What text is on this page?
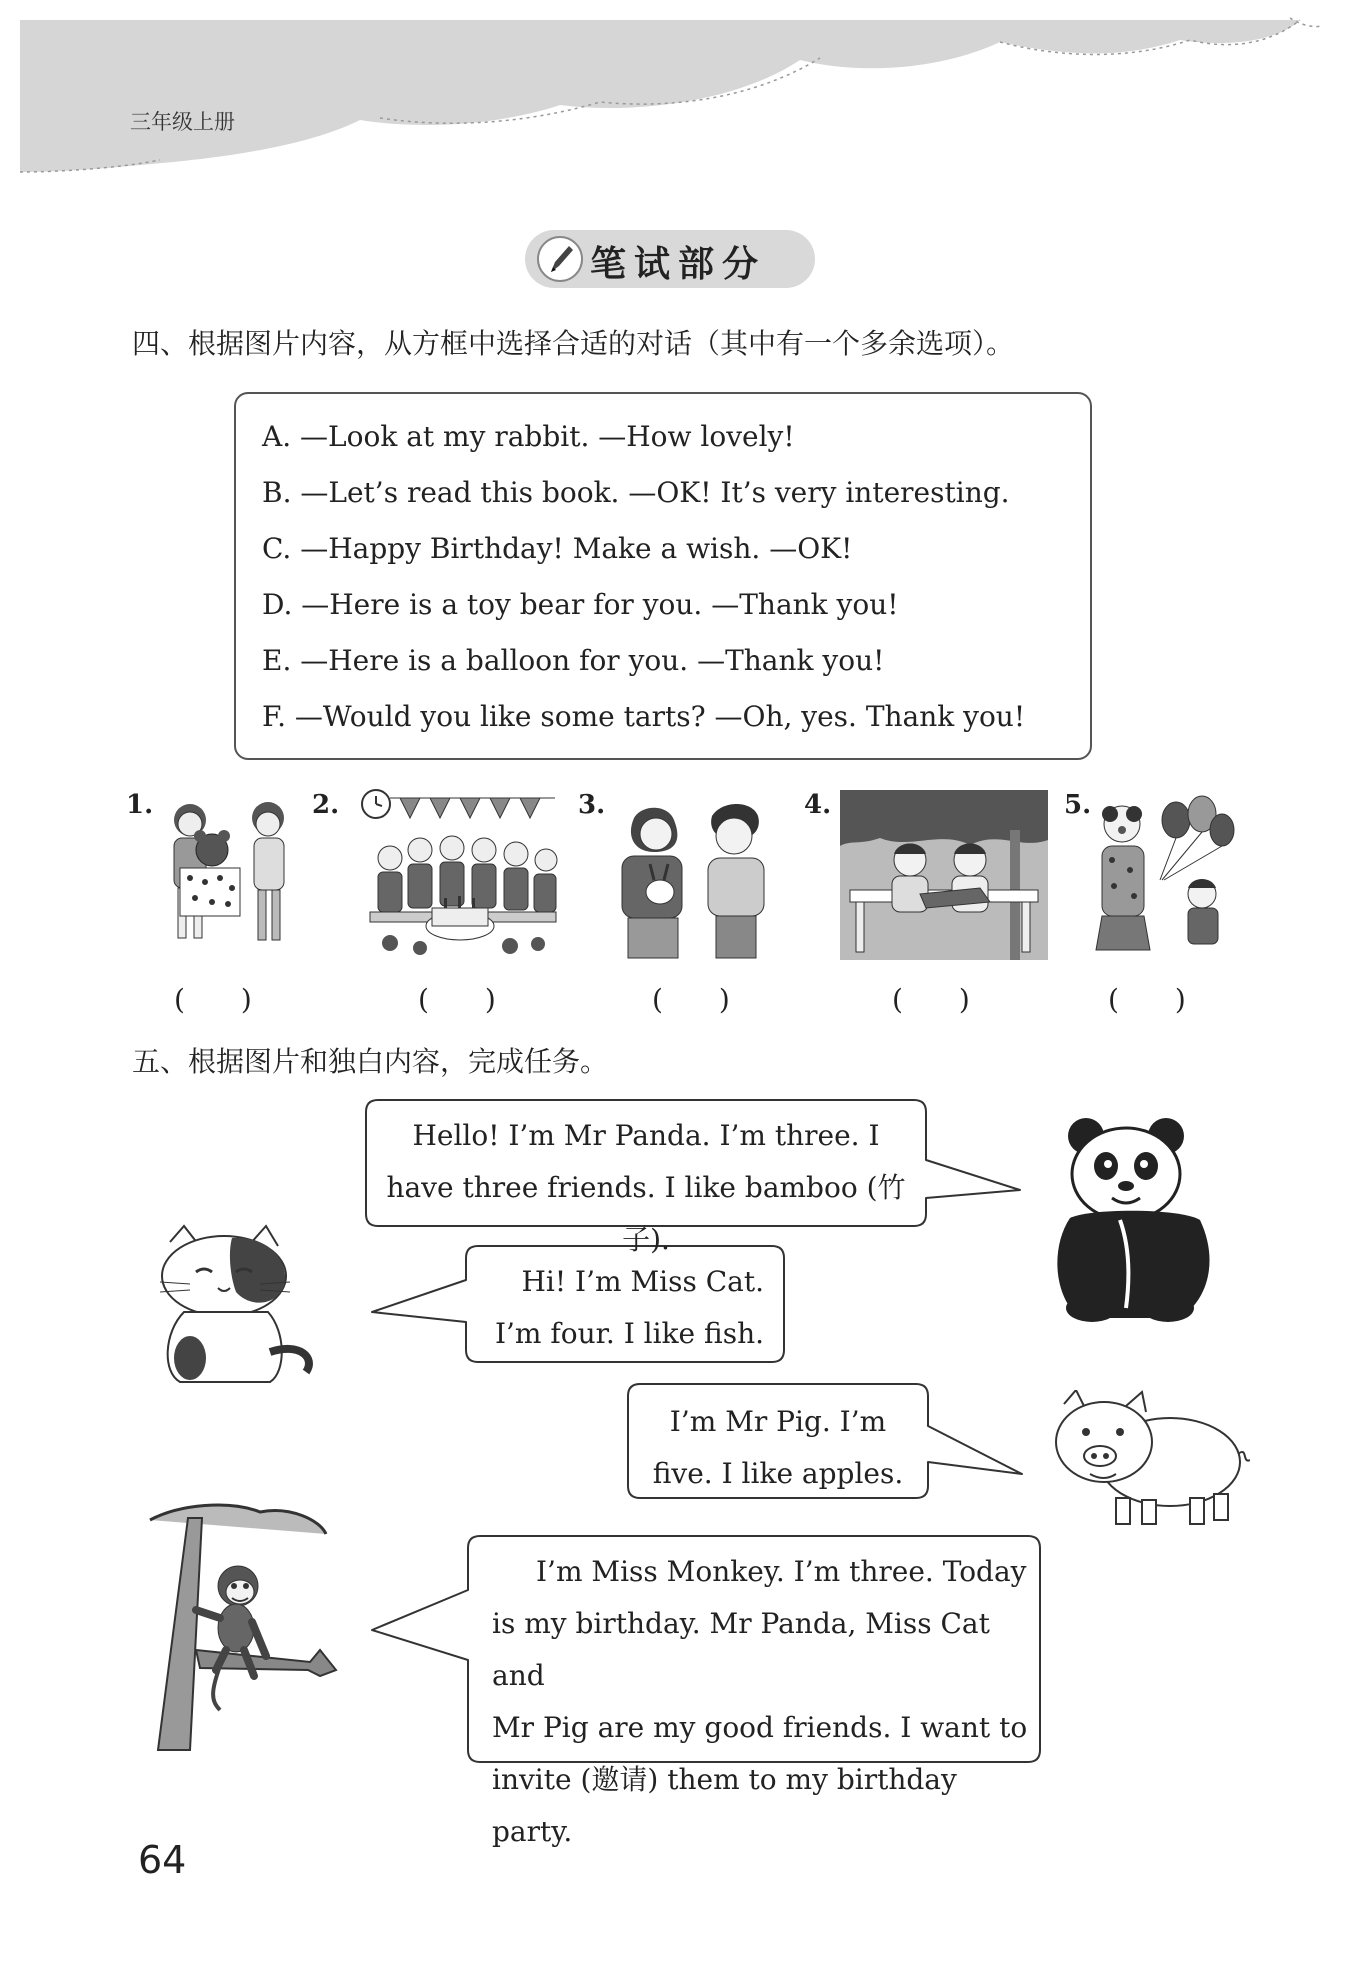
三年级上册
笔试部分
四、根据图片内容，从方框中选择合适的对话（其中有一个多余选项）。
A. —Look at my rabbit. —How lovely!
B. —Let’s read this book. —OK! It’s very interesting.
C. —Happy Birthday! Make a wish. —OK!
D. —Here is a toy bear for you. —Thank you!
E. —Here is a balloon for you. —Thank you!
F. —Would you like some tarts? —Oh, yes. Thank you!
1.	2.	3.	4.	5.
(　　)	(　　)	(　　)	(　　)	(　　)
五、根据图片和独白内容，完成任务。
Hello! I’m Mr Panda. I’m three. I
have three friends. I like bamboo (竹子).
Hi! I’m Miss Cat.
I’m four. I like fish.
I’m Mr Pig. I’m
five. I like apples.
I’m Miss Monkey. I’m three. Today
is my birthday. Mr Panda, Miss Cat and
Mr Pig are my good friends. I want to
invite (邀请) them to my birthday party.
64
